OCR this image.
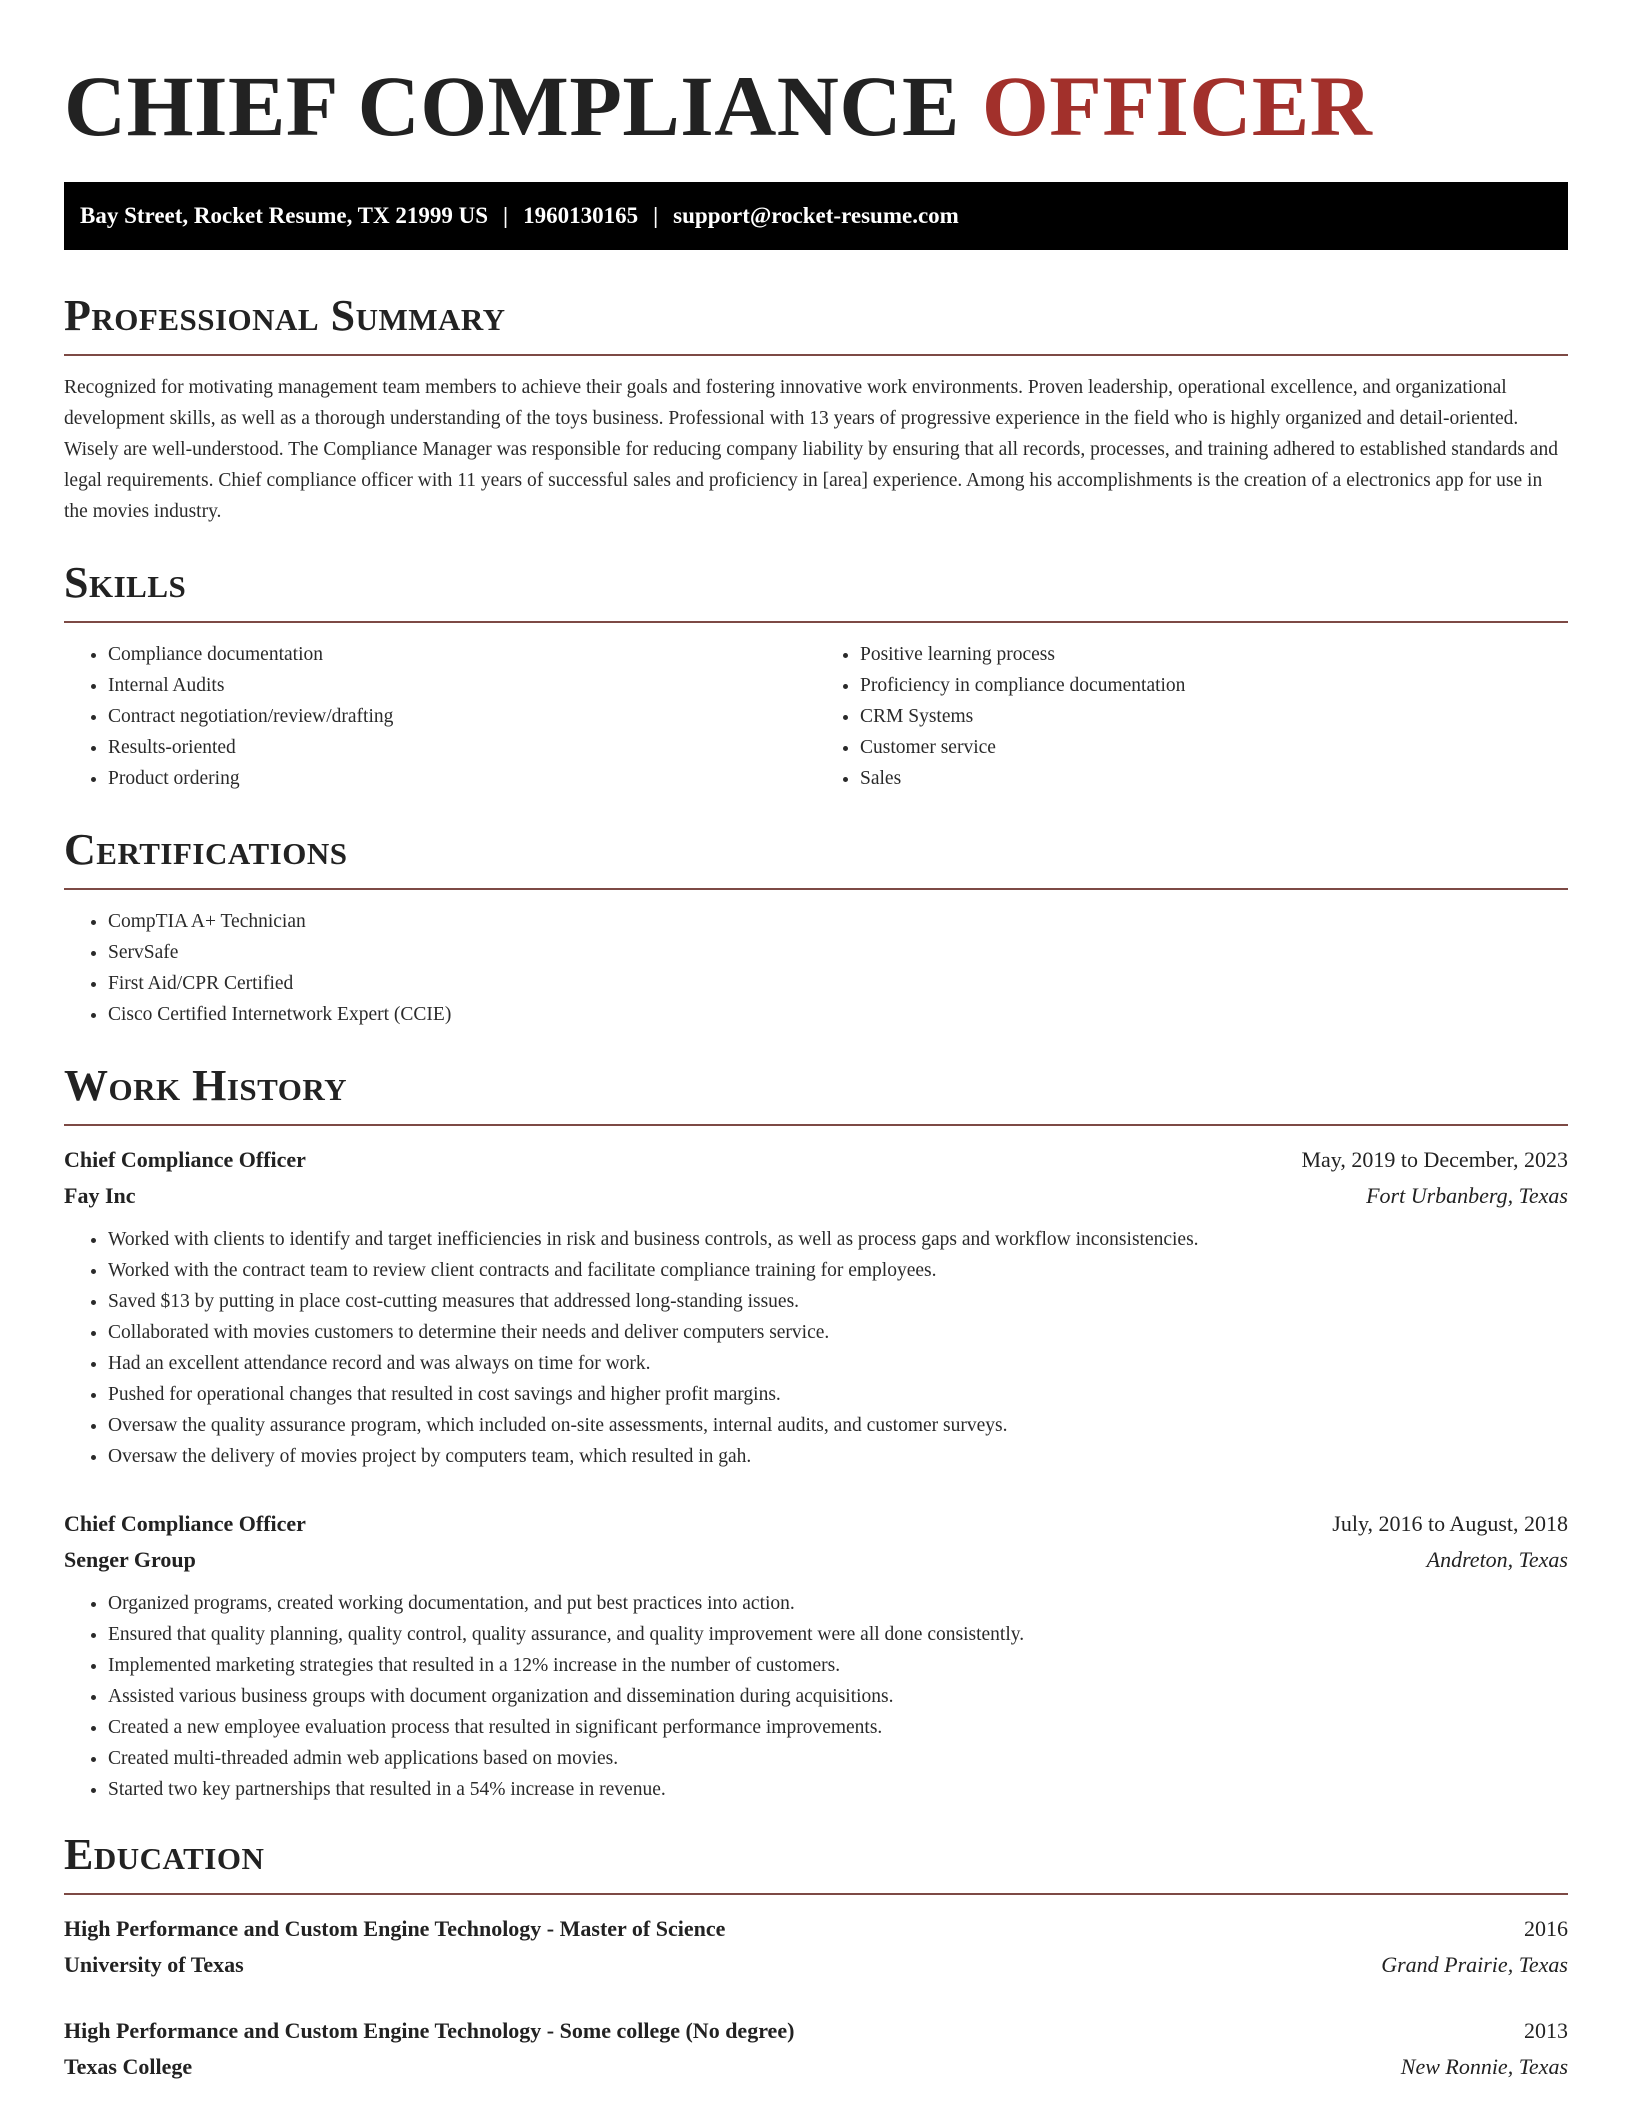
CHIEF COMPLIANCE OFFICER
Bay Street, Rocket Resume, TX 21999 US | 1960130165 | support@rocket-resume.com
Professional Summary

Recognized for motivating management team members to achieve their goals and fostering innovative work environments. Proven leadership, operational excellence, and organizational development skills, as well as a thorough understanding of the toys business. Professional with 13 years of progressive experience in the field who is highly organized and detail-oriented. Wisely are well-understood. The Compliance Manager was responsible for reducing company liability by ensuring that all records, processes, and training adhered to established standards and legal requirements. Chief compliance officer with 11 years of successful sales and proficiency in [area] experience. Among his accomplishments is the creation of a electronics app for use in the movies industry.

Skills
• Compliance documentation
• Internal Audits
• Contract negotiation/review/drafting
• Results-oriented
• Product ordering
• Positive learning process
• Proficiency in compliance documentation
• CRM Systems
• Customer service
• Sales
Certifications
• CompTIA A+ Technician
• ServSafe
• First Aid/CPR Certified
• Cisco Certified Internetwork Expert (CCIE)
Work History
Chief Compliance Officer	May, 2019 to December, 2023
Fay Inc	Fort Urbanberg, Texas
• Worked with clients to identify and target inefficiencies in risk and business controls, as well as process gaps and workflow inconsistencies.
• Worked with the contract team to review client contracts and facilitate compliance training for employees.
• Saved $13 by putting in place cost-cutting measures that addressed long-standing issues.
• Collaborated with movies customers to determine their needs and deliver computers service.
• Had an excellent attendance record and was always on time for work.
• Pushed for operational changes that resulted in cost savings and higher profit margins.
• Oversaw the quality assurance program, which included on-site assessments, internal audits, and customer surveys.
• Oversaw the delivery of movies project by computers team, which resulted in gah.
Chief Compliance Officer	July, 2016 to August, 2018
Senger Group	Andreton, Texas
• Organized programs, created working documentation, and put best practices into action.
• Ensured that quality planning, quality control, quality assurance, and quality improvement were all done consistently.
• Implemented marketing strategies that resulted in a 12% increase in the number of customers.
• Assisted various business groups with document organization and dissemination during acquisitions.
• Created a new employee evaluation process that resulted in significant performance improvements.
• Created multi-threaded admin web applications based on movies.
• Started two key partnerships that resulted in a 54% increase in revenue.
Education
High Performance and Custom Engine Technology - Master of Science	2016
University of Texas	Grand Prairie, Texas
High Performance and Custom Engine Technology - Some college (No degree)	2013
Texas College	New Ronnie, Texas
